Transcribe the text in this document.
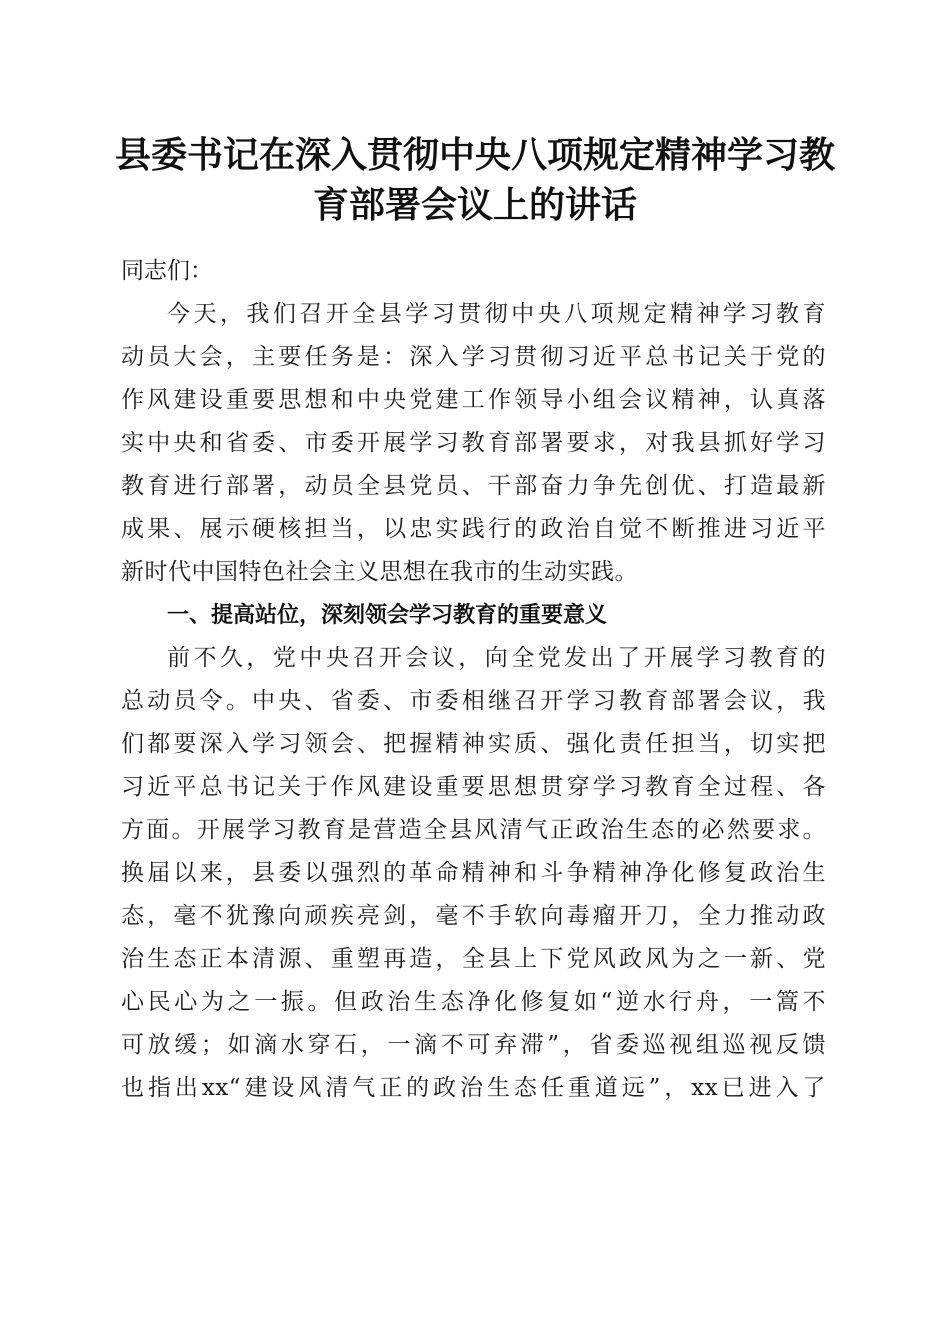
县委书记在深入贯彻中央八项规定精神学习教
育部署会议上的讲话

同志们：

今天，我们召开全县学习贯彻中央八项规定精神学习教育
动员大会，主要任务是：深入学习贯彻习近平总书记关于党的
作风建设重要思想和中央党建工作领导小组会议精神，认真落
实中央和省委、市委开展学习教育部署要求，对我县抓好学习
教育进行部署，动员全县党员、干部奋力争先创优、打造最新
成果、展示硬核担当，以忠实践行的政治自觉不断推进习近平
新时代中国特色社会主义思想在我市的生动实践。

一、提高站位，深刻领会学习教育的重要意义

前不久，党中央召开会议，向全党发出了开展学习教育的
总动员令。中央、省委、市委相继召开学习教育部署会议，我
们都要深入学习领会、把握精神实质、强化责任担当，切实把
习近平总书记关于作风建设重要思想贯穿学习教育全过程、各
方面。开展学习教育是营造全县风清气正政治生态的必然要求。
换届以来，县委以强烈的革命精神和斗争精神净化修复政治生
态，毫不犹豫向顽疾亮剑，毫不手软向毒瘤开刀，全力推动政
治生态正本清源、重塑再造，全县上下党风政风为之一新、党
心民心为之一振。但政治生态净化修复如“逆水行舟，一篙不
可放缓；如滴水穿石，一滴不可弃滞”，省委巡视组巡视反馈
也指出xx“建设风清气正的政治生态任重道远”，xx已进入了
